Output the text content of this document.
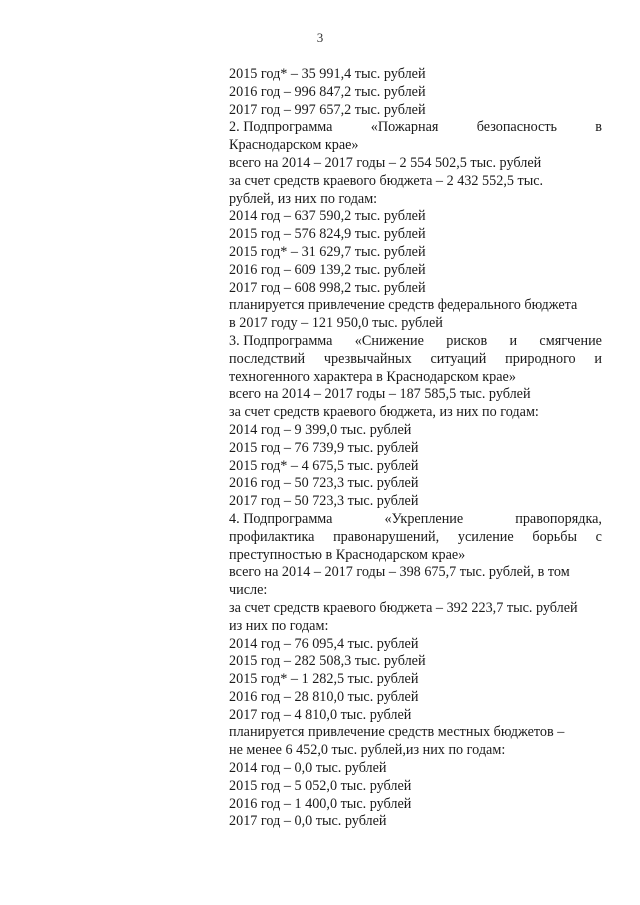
3
2015 год* – 35 991,4 тыс. рублей
2016 год – 996 847,2 тыс. рублей
2017 год – 997 657,2 тыс. рублей
2. Подпрограмма	«Пожарная	безопасность	в
Краснодарском крае»
всего на 2014 – 2017 годы – 2 554 502,5 тыс. рублей
за счет средств краевого бюджета – 2 432 552,5 тыс.
рублей, из них по годам:
2014 год – 637 590,2 тыс. рублей
2015 год – 576 824,9 тыс. рублей
2015 год* – 31 629,7 тыс. рублей
2016 год – 609 139,2 тыс. рублей
2017 год – 608 998,2 тыс. рублей
планируется привлечение средств федерального бюджета
в 2017 году – 121 950,0 тыс. рублей
3. Подпрограмма «Снижение рисков и смягчение
последствий чрезвычайных ситуаций природного и
техногенного характера в Краснодарском крае»
всего на 2014 – 2017 годы – 187 585,5 тыс. рублей
за счет средств краевого бюджета, из них по годам:
2014 год – 9 399,0 тыс. рублей
2015 год – 76 739,9 тыс. рублей
2015 год* – 4 675,5 тыс. рублей
2016 год – 50 723,3 тыс. рублей
2017 год – 50 723,3 тыс. рублей
4. Подпрограмма	«Укрепление	правопорядка,
профилактика правонарушений, усиление борьбы с
преступностью в Краснодарском крае»
всего на 2014 – 2017 годы – 398 675,7 тыс. рублей, в том
числе:
за счет средств краевого бюджета – 392 223,7 тыс. рублей
из них по годам:
2014 год – 76 095,4 тыс. рублей
2015 год – 282 508,3 тыс. рублей
2015 год* – 1 282,5 тыс. рублей
2016 год – 28 810,0 тыс. рублей
2017 год – 4 810,0 тыс. рублей
планируется привлечение средств местных бюджетов –
не менее 6 452,0 тыс. рублей,из них по годам:
2014 год – 0,0 тыс. рублей
2015 год – 5 052,0 тыс. рублей
2016 год – 1 400,0 тыс. рублей
2017 год – 0,0 тыс. рублей
